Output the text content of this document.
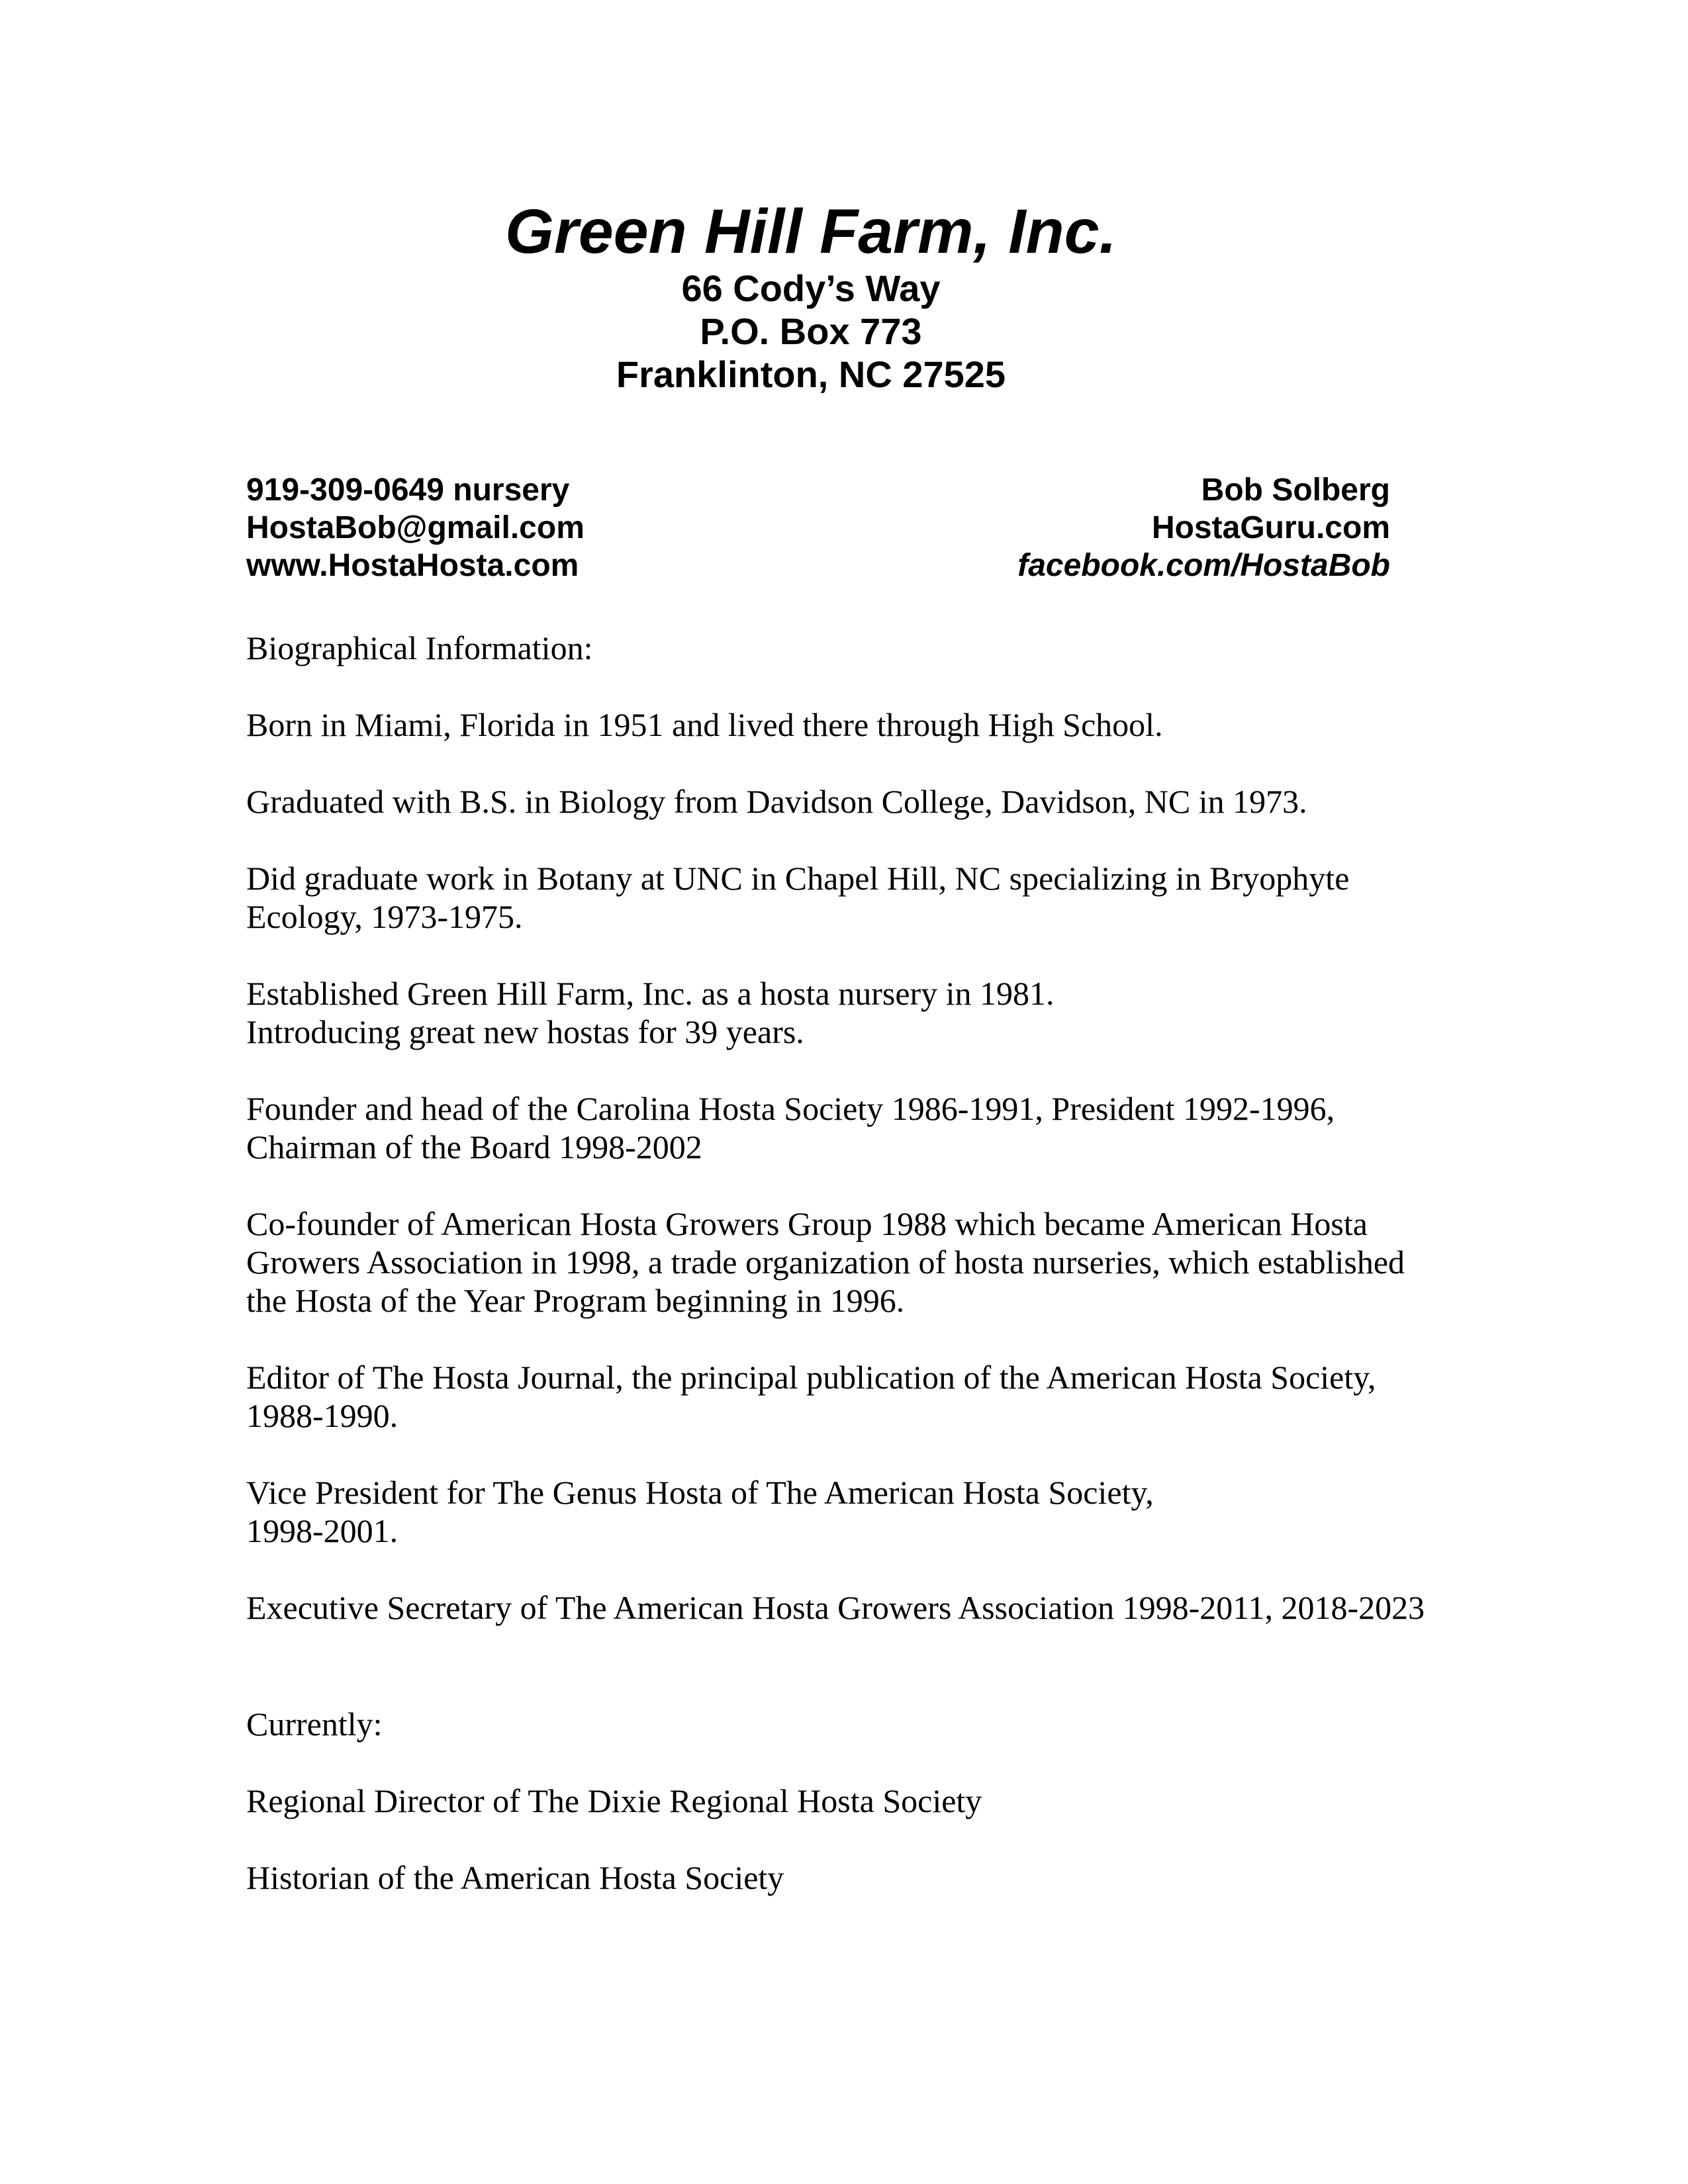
Green Hill Farm, Inc.
66 Cody’s Way
P.O. Box 773
Franklinton, NC 27525
919-309-0649 nursery
HostaBob@gmail.com
www.HostaHosta.com
Bob Solberg
HostaGuru.com
facebook.com/HostaBob

Biographical Information:

Born in Miami, Florida in 1951 and lived there through High School.

Graduated with B.S. in Biology from Davidson College, Davidson, NC in 1973.

Did graduate work in Botany at UNC in Chapel Hill, NC specializing in Bryophyte
Ecology, 1973-1975.

Established Green Hill Farm, Inc. as a hosta nursery in 1981.
Introducing great new hostas for 39 years.

Founder and head of the Carolina Hosta Society 1986-1991, President 1992-1996,
Chairman of the Board 1998-2002

Co-founder of American Hosta Growers Group 1988 which became American Hosta
Growers Association in 1998, a trade organization of hosta nurseries, which established
the Hosta of the Year Program beginning in 1996.

Editor of The Hosta Journal, the principal publication of the American Hosta Society,
1988-1990.

Vice President for The Genus Hosta of The American Hosta Society,
1998-2001.

Executive Secretary of The American Hosta Growers Association 1998-2011, 2018-2023

Currently:

Regional Director of The Dixie Regional Hosta Society

Historian of the American Hosta Society
